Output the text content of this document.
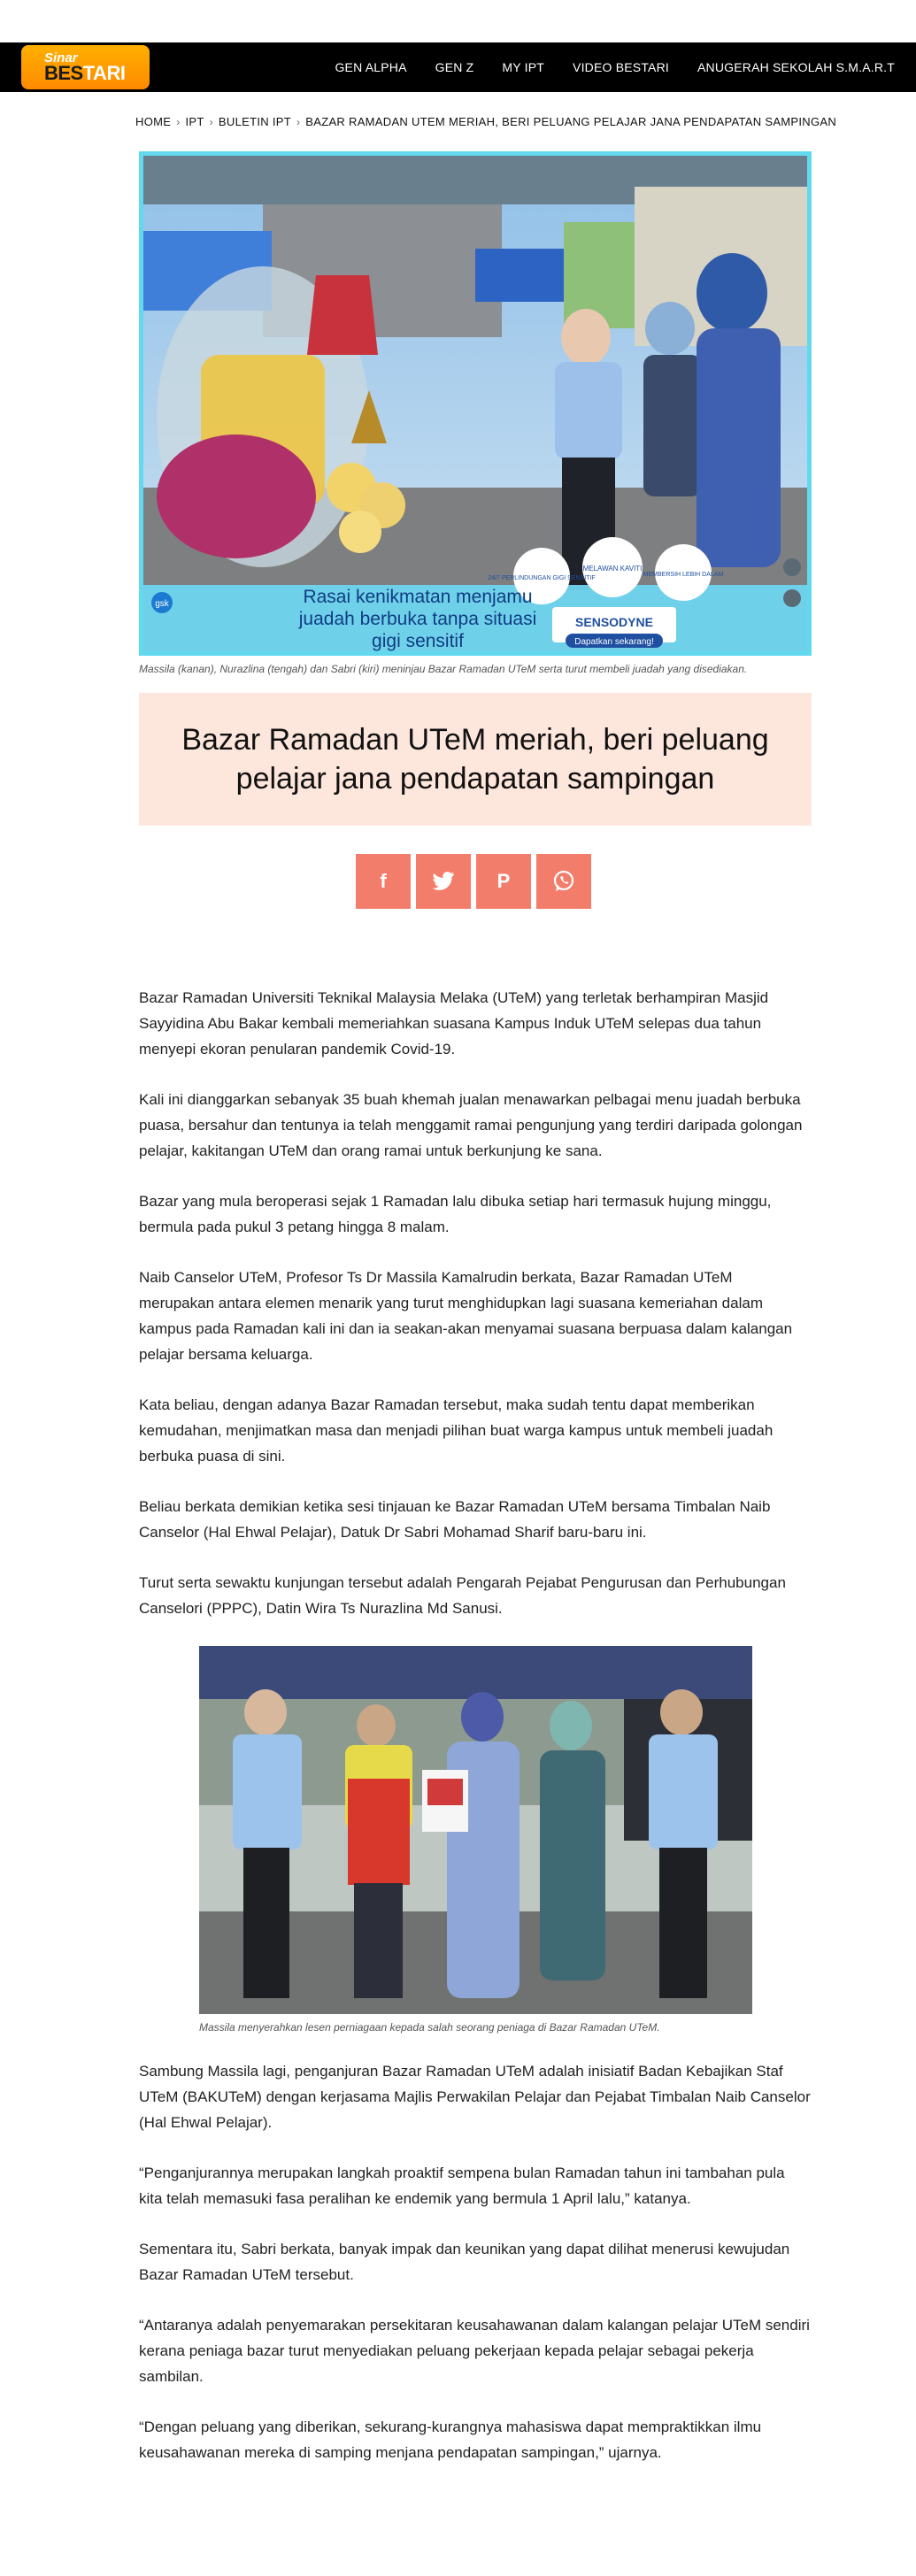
Sinar
BESTARI	GEN ALPHA GEN Z MY IPT VIDEO BESTARI ANUGERAH SEKOLAH S.M.A.R.T
HOME › IPT › BULETIN IPT › BAZAR RAMADAN UTEM MERIAH, BERI PELUANG PELAJAR JANA PENDAPATAN SAMPINGAN
Rasai kenikmatan menjamu
juadah berbuka tanpa situasi
gigi sensitif
SENSODYNE
Dapatkan sekarang!
gsk
24/7 PERLINDUNGAN GIGI SENSITIF
MELAWAN KAVITI
MEMBERSIH LEBIH DALAM
Massila (kanan), Nurazlina (tengah) dan Sabri (kiri) meninjau Bazar Ramadan UTeM serta turut membeli juadah yang disediakan.
Bazar Ramadan UTeM meriah, beri peluang pelajar jana pendapatan sampingan
f	P

Bazar Ramadan Universiti Teknikal Malaysia Melaka (UTeM) yang terletak berhampiran Masjid Sayyidina Abu Bakar kembali memeriahkan suasana Kampus Induk UTeM selepas dua tahun menyepi ekoran penularan pandemik Covid-19.

Kali ini dianggarkan sebanyak 35 buah khemah jualan menawarkan pelbagai menu juadah berbuka puasa, bersahur dan tentunya ia telah menggamit ramai pengunjung yang terdiri daripada golongan pelajar, kakitangan UTeM dan orang ramai untuk berkunjung ke sana.

Bazar yang mula beroperasi sejak 1 Ramadan lalu dibuka setiap hari termasuk hujung minggu, bermula pada pukul 3 petang hingga 8 malam.

Naib Canselor UTeM, Profesor Ts Dr Massila Kamalrudin berkata, Bazar Ramadan UTeM merupakan antara elemen menarik yang turut menghidupkan lagi suasana kemeriahan dalam kampus pada Ramadan kali ini dan ia seakan-akan menyamai suasana berpuasa dalam kalangan pelajar bersama keluarga.

Kata beliau, dengan adanya Bazar Ramadan tersebut, maka sudah tentu dapat memberikan kemudahan, menjimatkan masa dan menjadi pilihan buat warga kampus untuk membeli juadah berbuka puasa di sini.

Beliau berkata demikian ketika sesi tinjauan ke Bazar Ramadan UTeM bersama Timbalan Naib Canselor (Hal Ehwal Pelajar), Datuk Dr Sabri Mohamad Sharif baru-baru ini.

Turut serta sewaktu kunjungan tersebut adalah Pengarah Pejabat Pengurusan dan Perhubungan Canselori (PPPC), Datin Wira Ts Nurazlina Md Sanusi.

Massila menyerahkan lesen perniagaan kepada salah seorang peniaga di Bazar Ramadan UTeM.

Sambung Massila lagi, penganjuran Bazar Ramadan UTeM adalah inisiatif Badan Kebajikan Staf UTeM (BAKUTeM) dengan kerjasama Majlis Perwakilan Pelajar dan Pejabat Timbalan Naib Canselor (Hal Ehwal Pelajar).

“Penganjurannya merupakan langkah proaktif sempena bulan Ramadan tahun ini tambahan pula kita telah memasuki fasa peralihan ke endemik yang bermula 1 April lalu,” katanya.

Sementara itu, Sabri berkata, banyak impak dan keunikan yang dapat dilihat menerusi kewujudan Bazar Ramadan UTeM tersebut.

“Antaranya adalah penyemarakan persekitaran keusahawanan dalam kalangan pelajar UTeM sendiri kerana peniaga bazar turut menyediakan peluang pekerjaan kepada pelajar sebagai pekerja sambilan.

“Dengan peluang yang diberikan, sekurang-kurangnya mahasiswa dapat mempraktikkan ilmu keusahawanan mereka di samping menjana pendapatan sampingan,” ujarnya.
